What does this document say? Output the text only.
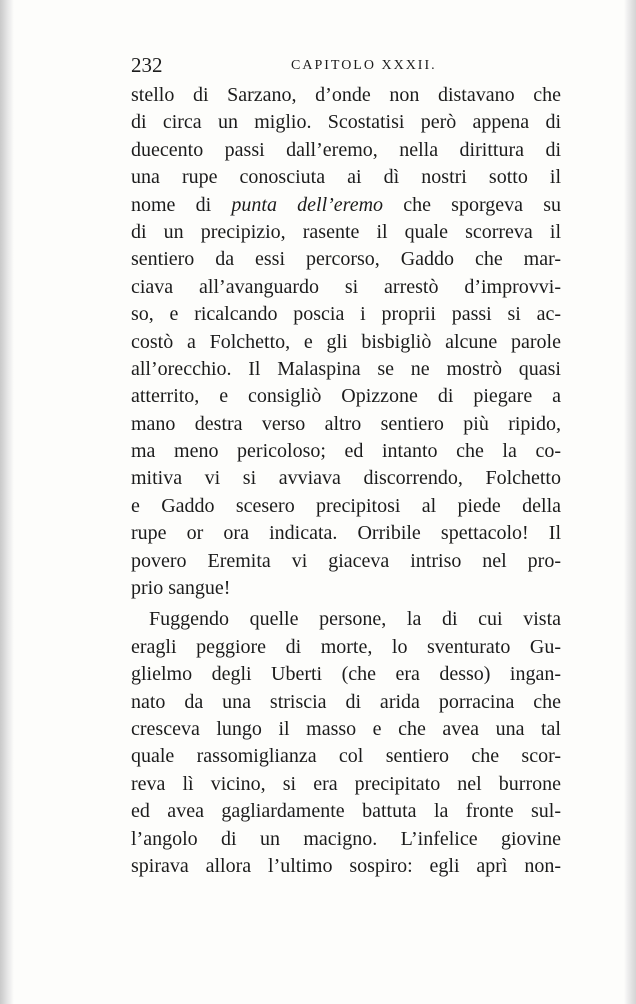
232	CAPITOLO XXXII.
stello di Sarzano, d’onde non distavano che
di circa un miglio. Scostatisi però appena di
duecento passi dall’eremo, nella dirittura di
una rupe conosciuta ai dì nostri sotto il
nome di punta dell’eremo che sporgeva su
di un precipizio, rasente il quale scorreva il
sentiero da essi percorso, Gaddo che mar-
ciava all’avanguardo si arrestò d’improvvi-
so, e ricalcando poscia i proprii passi si ac-
costò a Folchetto, e gli bisbigliò alcune parole
all’orecchio. Il Malaspina se ne mostrò quasi
atterrito, e consigliò Opizzone di piegare a
mano destra verso altro sentiero più ripido,
ma meno pericoloso; ed intanto che la co-
mitiva vi si avviava discorrendo, Folchetto
e Gaddo scesero precipitosi al piede della
rupe or ora indicata. Orribile spettacolo! Il
povero Eremita vi giaceva intriso nel pro-
prio sangue!
Fuggendo quelle persone, la di cui vista
eragli peggiore di morte, lo sventurato Gu-
glielmo degli Uberti (che era desso) ingan-
nato da una striscia di arida porracina che
cresceva lungo il masso e che avea una tal
quale rassomiglianza col sentiero che scor-
reva lì vicino, si era precipitato nel burrone
ed avea gagliardamente battuta la fronte sul-
l’angolo di un macigno. L’infelice giovine
spirava allora l’ultimo sospiro: egli aprì non-
